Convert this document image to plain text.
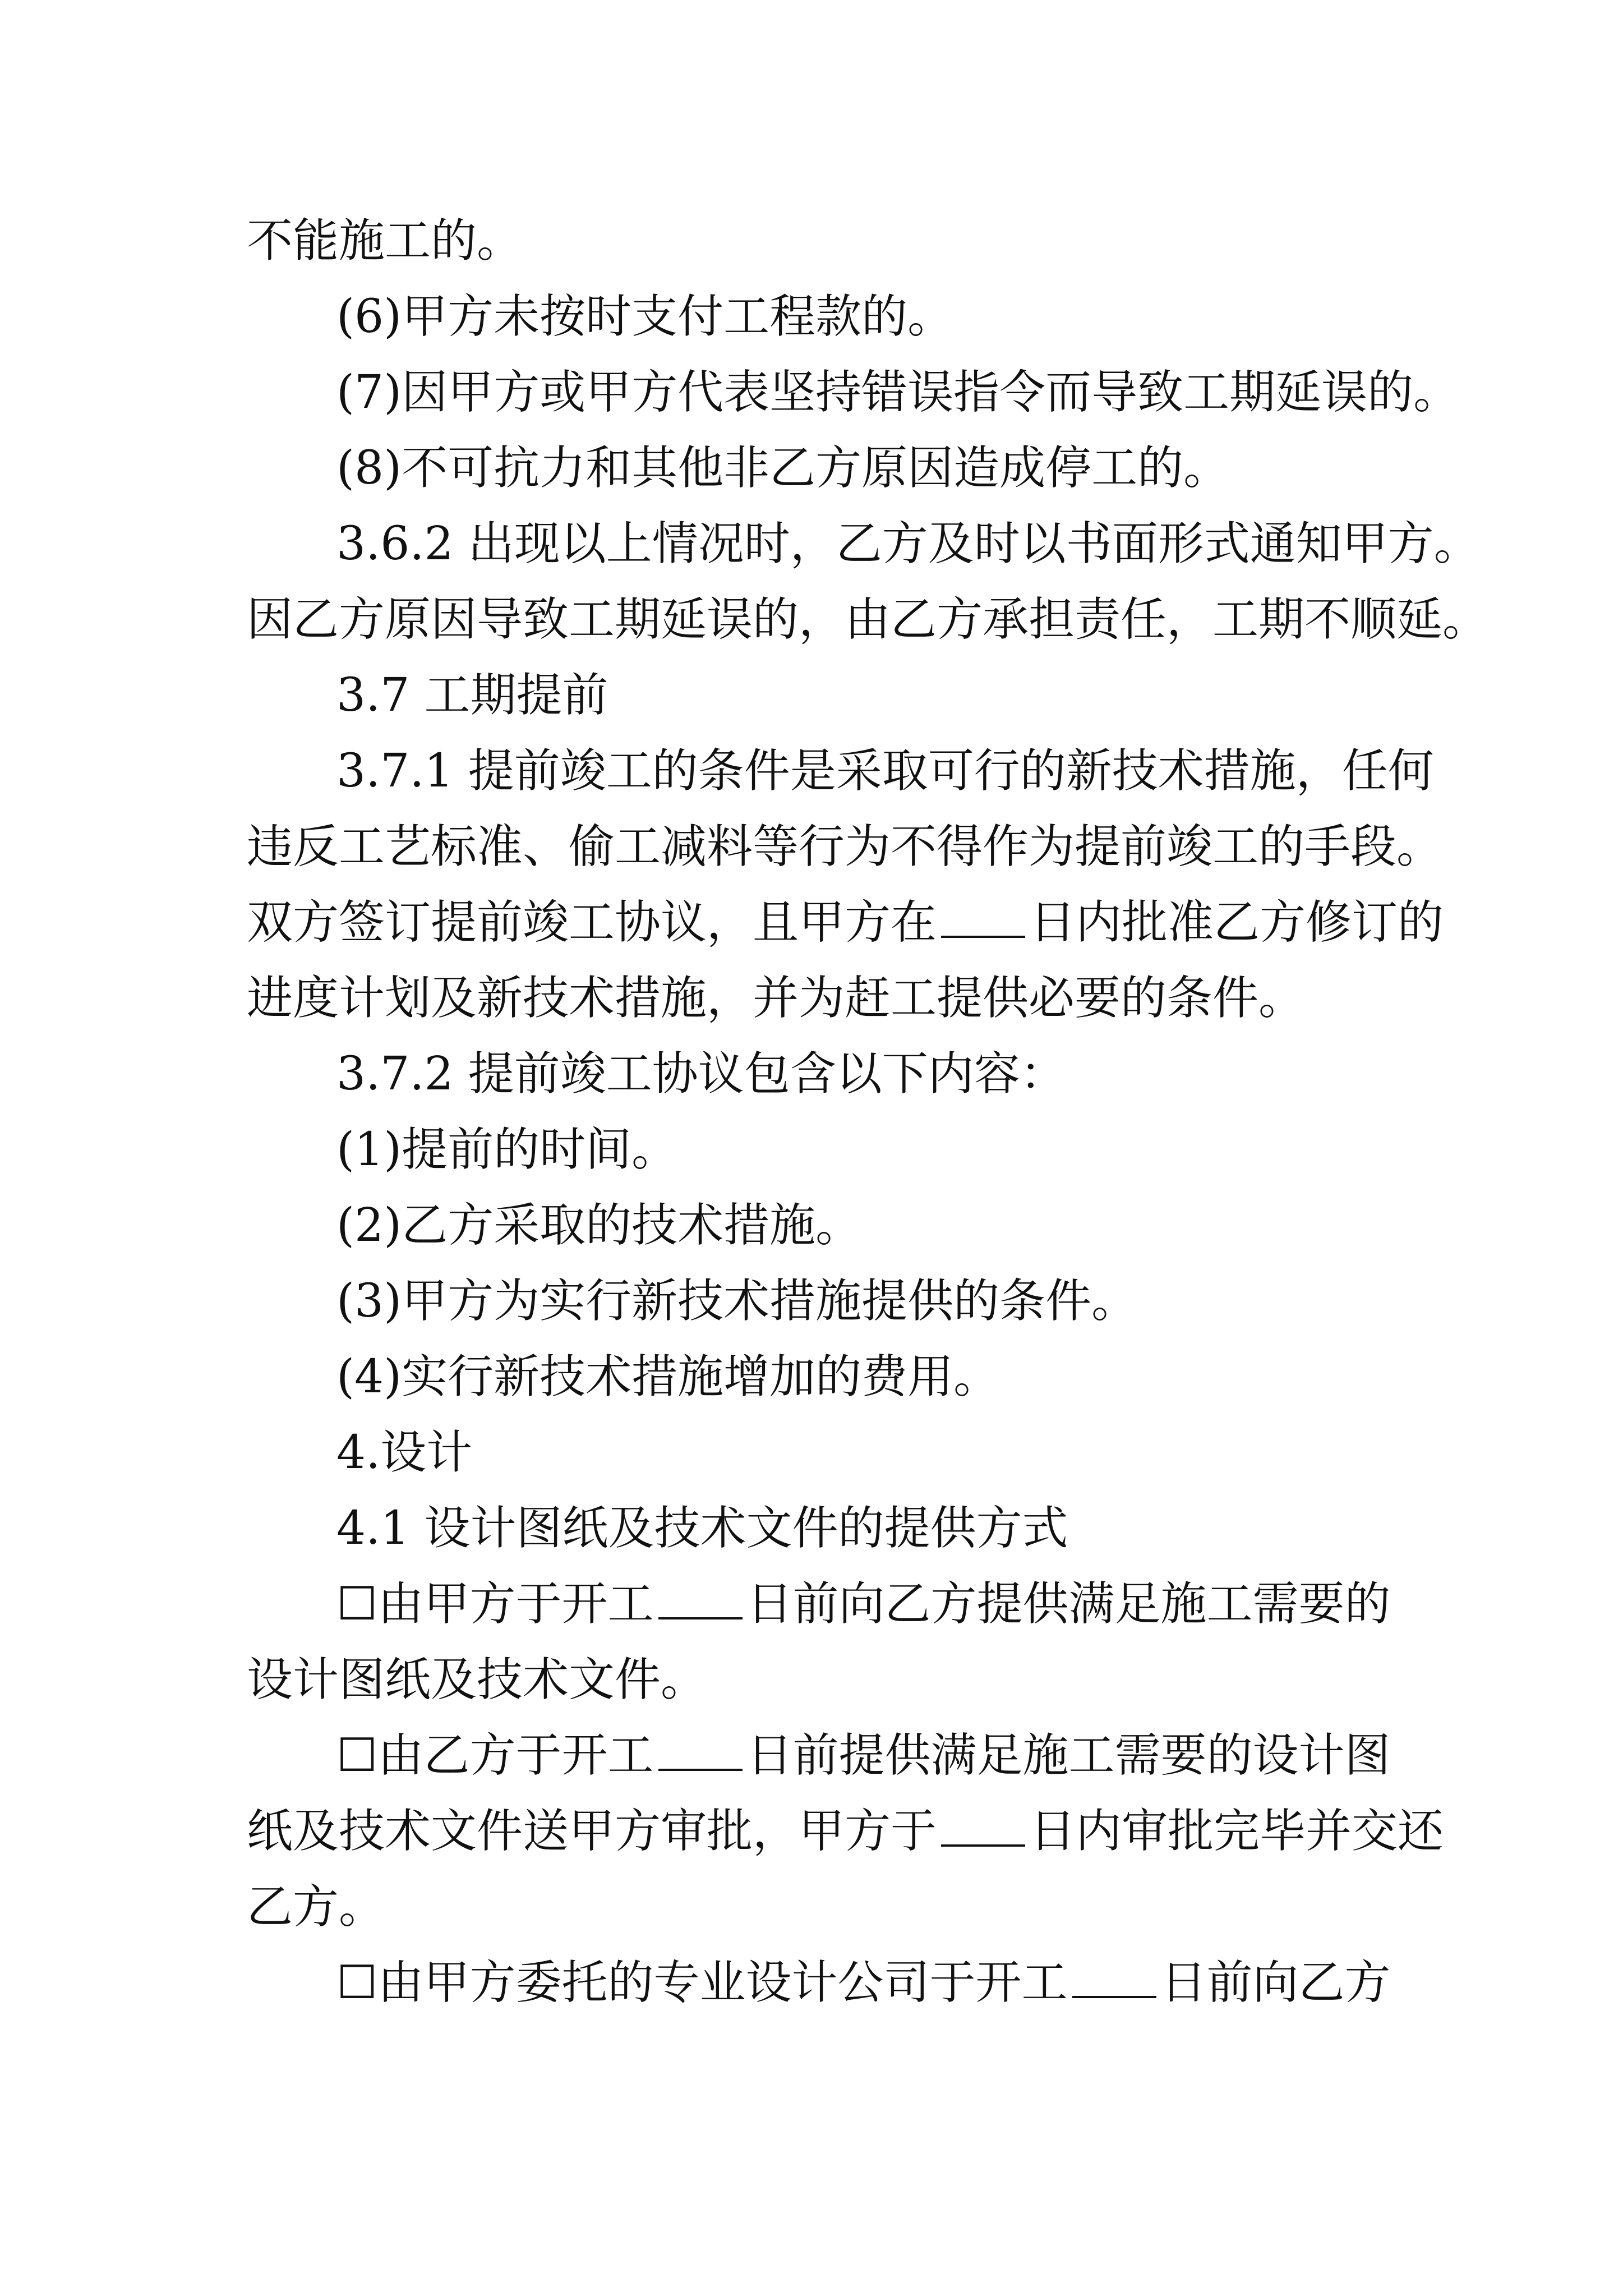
不能施工的。
(6)甲方未按时支付工程款的。
(7)因甲方或甲方代表坚持错误指令而导致工期延误的。
(8)不可抗力和其他非乙方原因造成停工的。
3.6.2 出现以上情况时，乙方及时以书面形式通知甲方。
因乙方原因导致工期延误的，由乙方承担责任，工期不顺延。
3.7 工期提前
3.7.1 提前竣工的条件是采取可行的新技术措施，任何
违反工艺标准、偷工减料等行为不得作为提前竣工的手段。
双方签订提前竣工协议，且甲方在 日内批准乙方修订的
进度计划及新技术措施，并为赶工提供必要的条件。
3.7.2 提前竣工协议包含以下内容：
(1)提前的时间。
(2)乙方采取的技术措施。
(3)甲方为实行新技术措施提供的条件。
(4)实行新技术措施增加的费用。
4.设计
4.1 设计图纸及技术文件的提供方式
☐由甲方于开工 日前向乙方提供满足施工需要的
设计图纸及技术文件。
☐由乙方于开工 日前提供满足施工需要的设计图
纸及技术文件送甲方审批，甲方于 日内审批完毕并交还
乙方。
☐由甲方委托的专业设计公司于开工 日前向乙方
